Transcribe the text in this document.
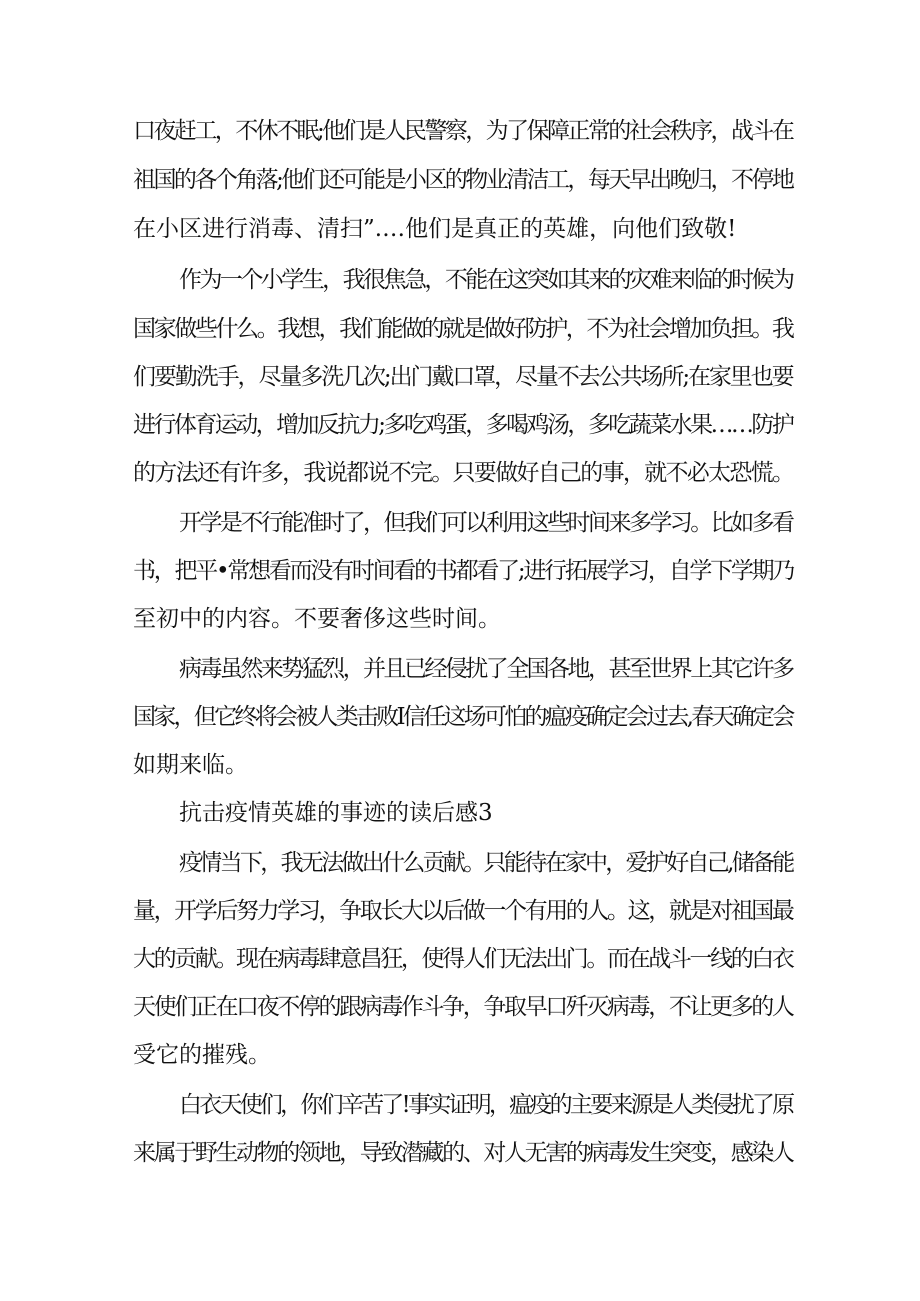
口夜赶工，不休不眠;他们是人民警察，为了保障正常的社会秩序，战斗在

祖国的各个角落;他们还可能是小区的物业清洁工，每天早出晚归，不停地

在小区进行消毒、清扫”.…他们是真正的英雄，向他们致敬!

作为一个小学生，我很焦急，不能在这突如其来的灾难来临的时候为

国家做些什么。我想，我们能做的就是做好防护，不为社会增加负担。我

们要勤洗手，尽量多洗几次;出门戴口罩，尽量不去公共场所;在家里也要

进行体育运动，增加反抗力;多吃鸡蛋，多喝鸡汤，多吃蔬菜水果……防护

的方法还有许多，我说都说不完。只要做好自己的事，就不必太恐慌。

开学是不行能准时了，但我们可以利用这些时间来多学习。比如多看

书，把平•常想看而没有时间看的书都看了;进行拓展学习，自学下学期乃

至初中的内容。不要奢侈这些时间。

病毒虽然来势猛烈，并且已经侵扰了全国各地，甚至世界上其它许多

国家，但它终将会被人类击败I信任这场可怕的瘟疫确定会过去,春天确定会

如期来临。

抗击疫情英雄的事迹的读后感3

疫情当下，我无法做出什么贡献。只能待在家中，爱护好自己,储备能

量，开学后努力学习，争取长大以后做一个有用的人。这，就是对祖国最

大的贡献。现在病毒肆意昌狂，使得人们无法出门。而在战斗一线的白衣

天使们正在口夜不停的跟病毒作斗争，争取早口歼灭病毒，不让更多的人

受它的摧残。

白衣天使们，你们辛苦了!事实证明，瘟疫的主要来源是人类侵扰了原

来属于野生动物的领地，导致潜藏的、对人无害的病毒发生突变，感染人
